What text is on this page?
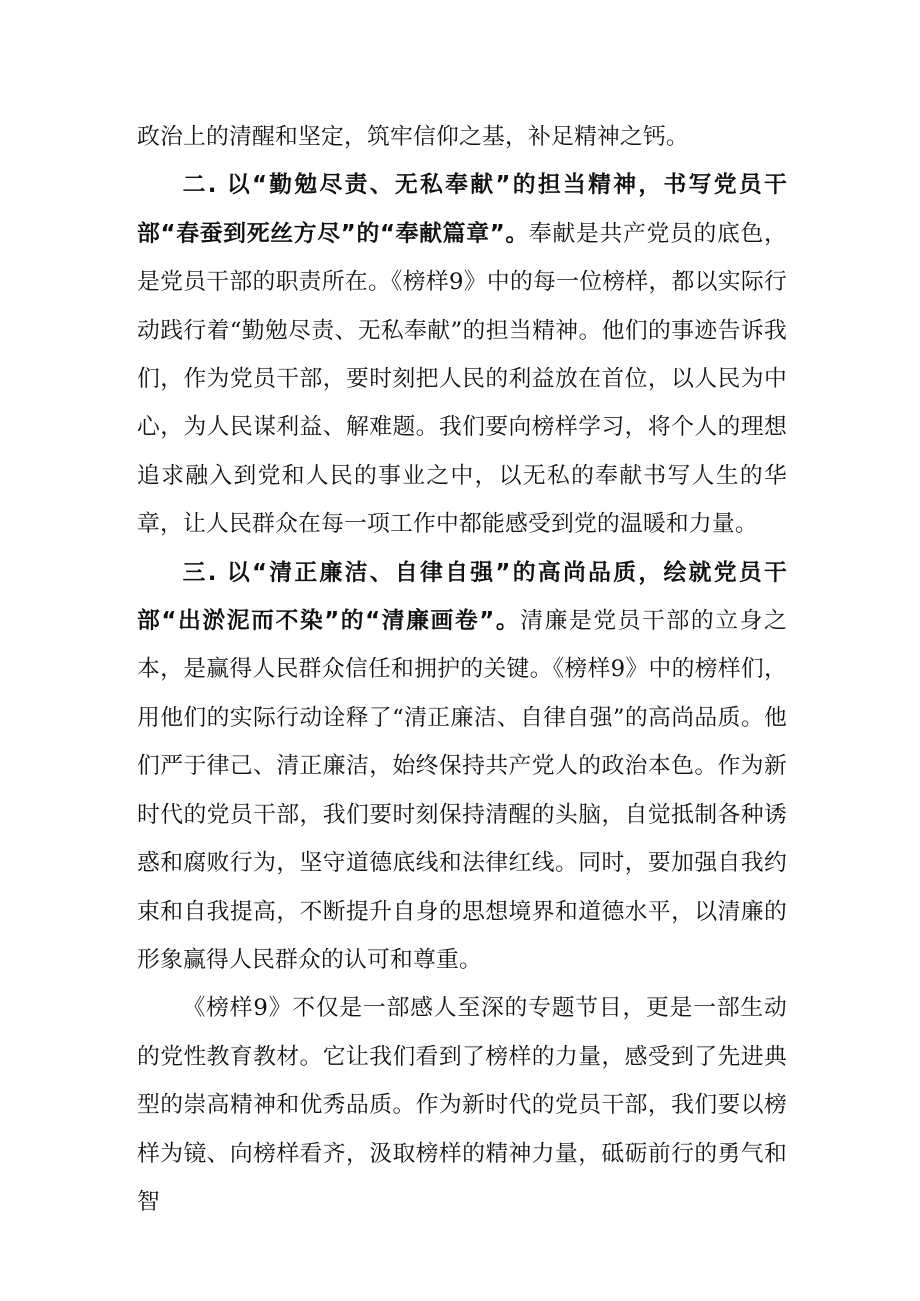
政治上的清醒和坚定，筑牢信仰之基，补足精神之钙。

二. 以“勤勉尽责、无私奉献”的担当精神，书写党员干部“春蚕到死丝方尽”的“奉献篇章”。奉献是共产党员的底色，是党员干部的职责所在。《榜样9》中的每一位榜样，都以实际行动践行着“勤勉尽责、无私奉献”的担当精神。他们的事迹告诉我们，作为党员干部，要时刻把人民的利益放在首位，以人民为中心，为人民谋利益、解难题。我们要向榜样学习，将个人的理想追求融入到党和人民的事业之中，以无私的奉献书写人生的华章，让人民群众在每一项工作中都能感受到党的温暖和力量。

三. 以“清正廉洁、自律自强”的高尚品质，绘就党员干部“出淤泥而不染”的“清廉画卷”。清廉是党员干部的立身之本，是赢得人民群众信任和拥护的关键。《榜样9》中的榜样们，用他们的实际行动诠释了“清正廉洁、自律自强”的高尚品质。他们严于律己、清正廉洁，始终保持共产党人的政治本色。作为新时代的党员干部，我们要时刻保持清醒的头脑，自觉抵制各种诱惑和腐败行为，坚守道德底线和法律红线。同时，要加强自我约束和自我提高，不断提升自身的思想境界和道德水平，以清廉的形象赢得人民群众的认可和尊重。

《榜样9》不仅是一部感人至深的专题节目，更是一部生动的党性教育教材。它让我们看到了榜样的力量，感受到了先进典型的崇高精神和优秀品质。作为新时代的党员干部，我们要以榜样为镜、向榜样看齐，汲取榜样的精神力量，砥砺前行的勇气和智
